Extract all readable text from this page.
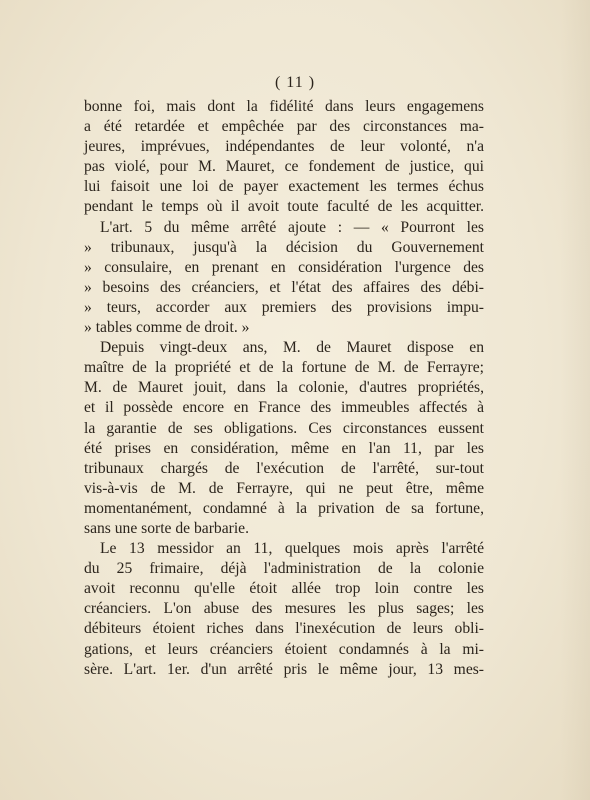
( 11 )
bonne foi, mais dont la fidélité dans leurs engagemens
a été retardée et empêchée par des circonstances ma-
jeures, imprévues, indépendantes de leur volonté, n'a
pas violé, pour M. Mauret, ce fondement de justice, qui
lui faisoit une loi de payer exactement les termes échus
pendant le temps où il avoit toute faculté de les acquitter.
L'art. 5 du même arrêté ajoute : — « Pourront les
» tribunaux, jusqu'à la décision du Gouvernement
» consulaire, en prenant en considération l'urgence des
» besoins des créanciers, et l'état des affaires des débi-
» teurs, accorder aux premiers des provisions impu-
» tables comme de droit. »
Depuis vingt-deux ans, M. de Mauret dispose en
maître de la propriété et de la fortune de M. de Ferrayre;
M. de Mauret jouit, dans la colonie, d'autres propriétés,
et il possède encore en France des immeubles affectés à
la garantie de ses obligations. Ces circonstances eussent
été prises en considération, même en l'an 11, par les
tribunaux chargés de l'exécution de l'arrêté, sur-tout
vis-à-vis de M. de Ferrayre, qui ne peut être, même
momentanément, condamné à la privation de sa fortune,
sans une sorte de barbarie.
Le 13 messidor an 11, quelques mois après l'arrêté
du 25 frimaire, déjà l'administration de la colonie
avoit reconnu qu'elle étoit allée trop loin contre les
créanciers. L'on abuse des mesures les plus sages; les
débiteurs étoient riches dans l'inexécution de leurs obli-
gations, et leurs créanciers étoient condamnés à la mi-
sère. L'art. 1er. d'un arrêté pris le même jour, 13 mes-
